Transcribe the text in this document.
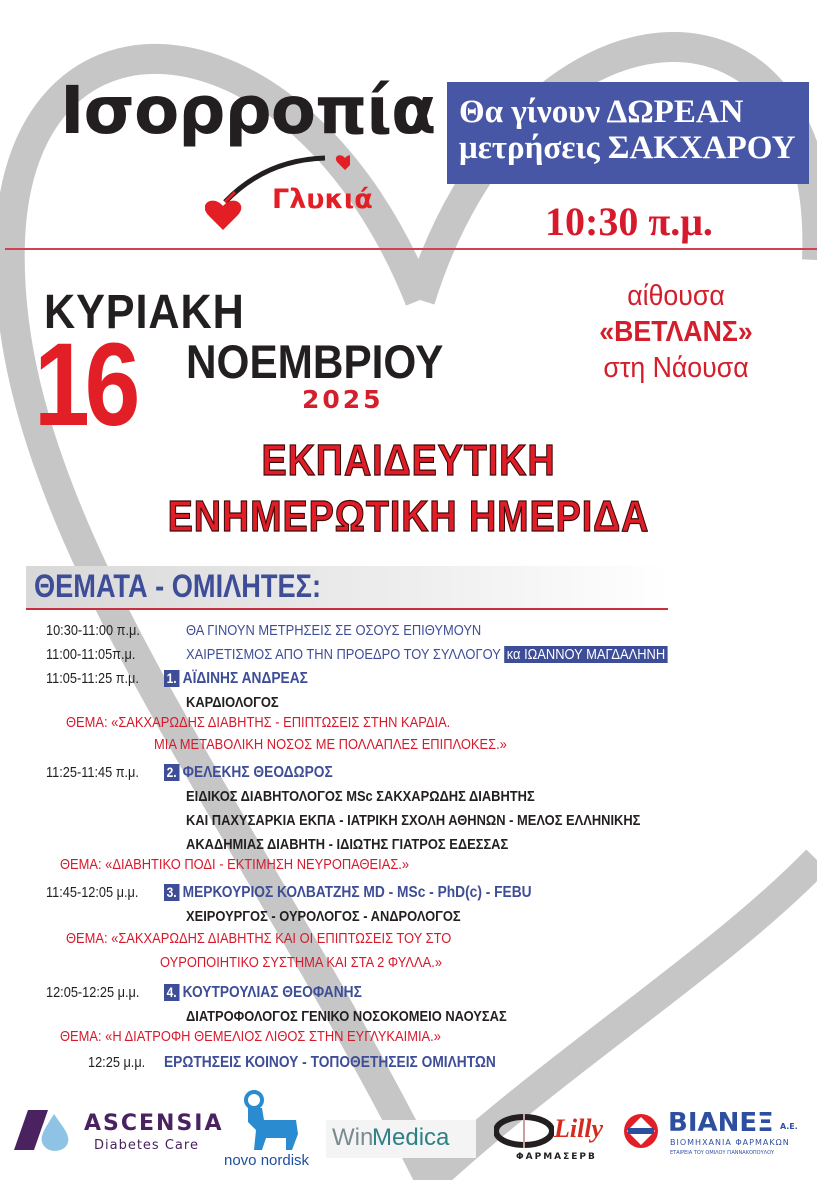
Ισορροπία
Γλυκιά
Θα γίνουν ΔΩΡΕΑΝ
μετρήσεις ΣΑΚΧΑΡΟΥ
10:30 π.μ.
ΚΥΡΙΑΚΗ
16 ΝΟΕΜΒΡΙΟΥ
2025
αίθουσα
«ΒΕΤΛΑΝΣ»
στη Νάουσα
ΕΚΠΑΙΔΕΥΤΙΚΗ
ΕΝΗΜΕΡΩΤΙΚΗ ΗΜΕΡΙΔΑ
ΘΕΜΑΤΑ - ΟΜΙΛΗΤΕΣ:
10:30-11:00 π.μ.	ΘΑ ΓΙΝΟΥΝ ΜΕΤΡΗΣΕΙΣ ΣΕ ΟΣΟΥΣ ΕΠΙΘΥΜΟΥΝ
11:00-11:05π.μ.	ΧΑΙΡΕΤΙΣΜΟΣ ΑΠΟ ΤΗΝ ΠΡΟΕΔΡΟ ΤΟΥ ΣΥΛΛΟΓΟΥ κα ΙΩΑΝΝΟΥ ΜΑΓΔΑΛΗΝΗ
11:05-11:25 π.μ. 1. ΑΪΔΙΝΗΣ ΑΝΔΡΕΑΣ
ΚΑΡΔΙΟΛΟΓΟΣ
ΘΕΜΑ: «ΣΑΚΧΑΡΩΔΗΣ ΔΙΑΒΗΤΗΣ - ΕΠΙΠΤΩΣΕΙΣ ΣΤΗΝ ΚΑΡΔΙΑ.
ΜΙΑ ΜΕΤΑΒΟΛΙΚΗ ΝΟΣΟΣ ΜΕ ΠΟΛΛΑΠΛΕΣ ΕΠΙΠΛΟΚΕΣ.»
11:25-11:45 π.μ. 2. ΦΕΛΕΚΗΣ ΘΕΟΔΩΡΟΣ
ΕΙΔΙΚΟΣ ΔΙΑΒΗΤΟΛΟΓΟΣ MSc ΣΑΚΧΑΡΩΔΗΣ ΔΙΑΒΗΤΗΣ
ΚΑΙ ΠΑΧΥΣΑΡΚΙΑ ΕΚΠΑ - ΙΑΤΡΙΚΗ ΣΧΟΛΗ ΑΘΗΝΩΝ - ΜΕΛΟΣ ΕΛΛΗΝΙΚΗΣ
ΑΚΑΔΗΜΙΑΣ ΔΙΑΒΗΤΗ - ΙΔΙΩΤΗΣ ΓΙΑΤΡΟΣ ΕΔΕΣΣΑΣ
ΘΕΜΑ: «ΔΙΑΒΗΤΙΚΟ ΠΟΔΙ - ΕΚΤΙΜΗΣΗ ΝΕΥΡΟΠΑΘΕΙΑΣ.»
11:45-12:05 μ.μ. 3. ΜΕΡΚΟΥΡΙΟΣ ΚΟΛΒΑΤΖΗΣ MD - MSc - PhD(c) - FEBU
ΧΕΙΡΟΥΡΓΟΣ - ΟΥΡΟΛΟΓΟΣ - ΑΝΔΡΟΛΟΓΟΣ
ΘΕΜΑ: «ΣΑΚΧΑΡΩΔΗΣ ΔΙΑΒΗΤΗΣ ΚΑΙ ΟΙ ΕΠΙΠΤΩΣΕΙΣ ΤΟΥ ΣΤΟ
ΟΥΡΟΠΟΙΗΤΙΚΟ ΣΥΣΤΗΜΑ ΚΑΙ ΣΤΑ 2 ΦΥΛΛΑ.»
12:05-12:25 μ.μ. 4. ΚΟΥΤΡΟΥΛΙΑΣ ΘΕΟΦΑΝΗΣ
ΔΙΑΤΡΟΦΟΛΟΓΟΣ ΓΕΝΙΚΟ ΝΟΣΟΚΟΜΕΙΟ ΝΑΟΥΣΑΣ
ΘΕΜΑ: «Η ΔΙΑΤΡΟΦΗ ΘΕΜΕΛΙΟΣ ΛΙΘΟΣ ΣΤΗΝ ΕΥΓΛΥΚΑΙΜΙΑ.»
12:25 μ.μ. ΕΡΩΤΗΣΕΙΣ ΚΟΙΝΟΥ - ΤΟΠΟΘΕΤΗΣΕΙΣ ΟΜΙΛΗΤΩΝ
ASCENSIA
Diabetes Care
novo nordisk
Win
Medica	Lilly
ΦΑΡΜΑΣΕΡΒ
ΒΙΑΝΕΞ Α.Ε.
ΒΙΟΜΗΧΑΝΙΑ ΦΑΡΜΑΚΩΝ
ΕΤΑΙΡΕΙΑ ΤΟΥ ΟΜΙΛΟΥ ΓΙΑΝΝΑΚΟΠΟΥΛΟΥ
